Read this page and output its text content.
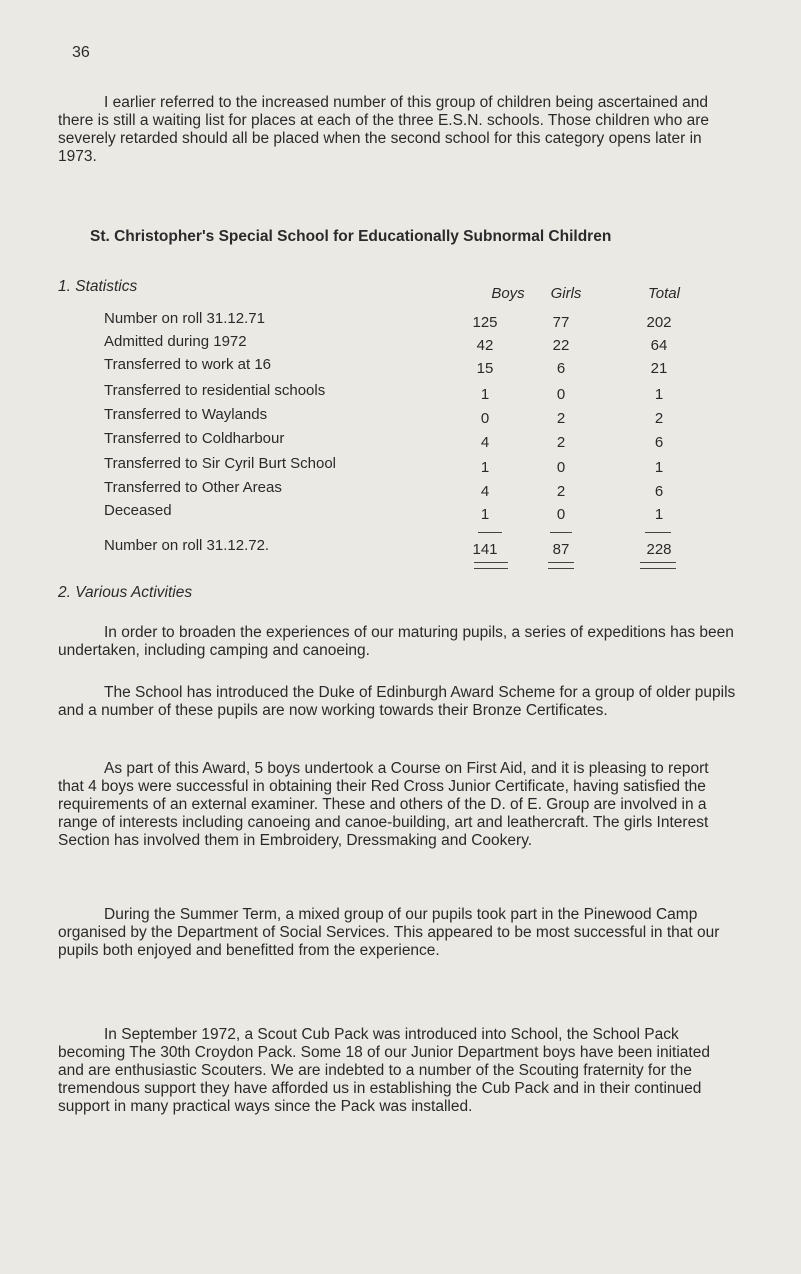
36

I earlier referred to the increased number of this group of children being ascertained and there is still a waiting list for places at each of the three E.S.N. schools. Those children who are severely retarded should all be placed when the second school for this category opens later in 1973.

St. Christopher's Special School for Educationally Subnormal Children
1. Statistics	Boys	Girls	Total
Number on roll 31.12.71	125	77	202
Admitted during 1972	42	22	64
Transferred to work at 16	15	6	21
Transferred to residential schools	1	0	1
Transferred to Waylands	0	2	2
Transferred to Coldharbour	4	2	6
Transferred to Sir Cyril Burt School	1	0	1
Transferred to Other Areas	4	2	6
Deceased	1	0	1
Number on roll 31.12.72.	141	87	228
2. Various Activities

In order to broaden the experiences of our maturing pupils, a series of expeditions has been undertaken, including camping and canoeing.

The School has introduced the Duke of Edinburgh Award Scheme for a group of older pupils and a number of these pupils are now working towards their Bronze Certificates.

As part of this Award, 5 boys undertook a Course on First Aid, and it is pleasing to report that 4 boys were successful in obtaining their Red Cross Junior Certificate, having satisfied the requirements of an external examiner. These and others of the D. of E. Group are involved in a range of interests including canoeing and canoe-building, art and leathercraft. The girls Interest Section has involved them in Embroidery, Dressmaking and Cookery.

During the Summer Term, a mixed group of our pupils took part in the Pinewood Camp organised by the Department of Social Services. This appeared to be most successful in that our pupils both enjoyed and benefitted from the experience.

In September 1972, a Scout Cub Pack was introduced into School, the School Pack becoming The 30th Croydon Pack. Some 18 of our Junior Department boys have been initiated and are enthusiastic Scouters. We are indebted to a number of the Scouting fraternity for the tremendous support they have afforded us in establishing the Cub Pack and in their continued support in many practical ways since the Pack was installed.
